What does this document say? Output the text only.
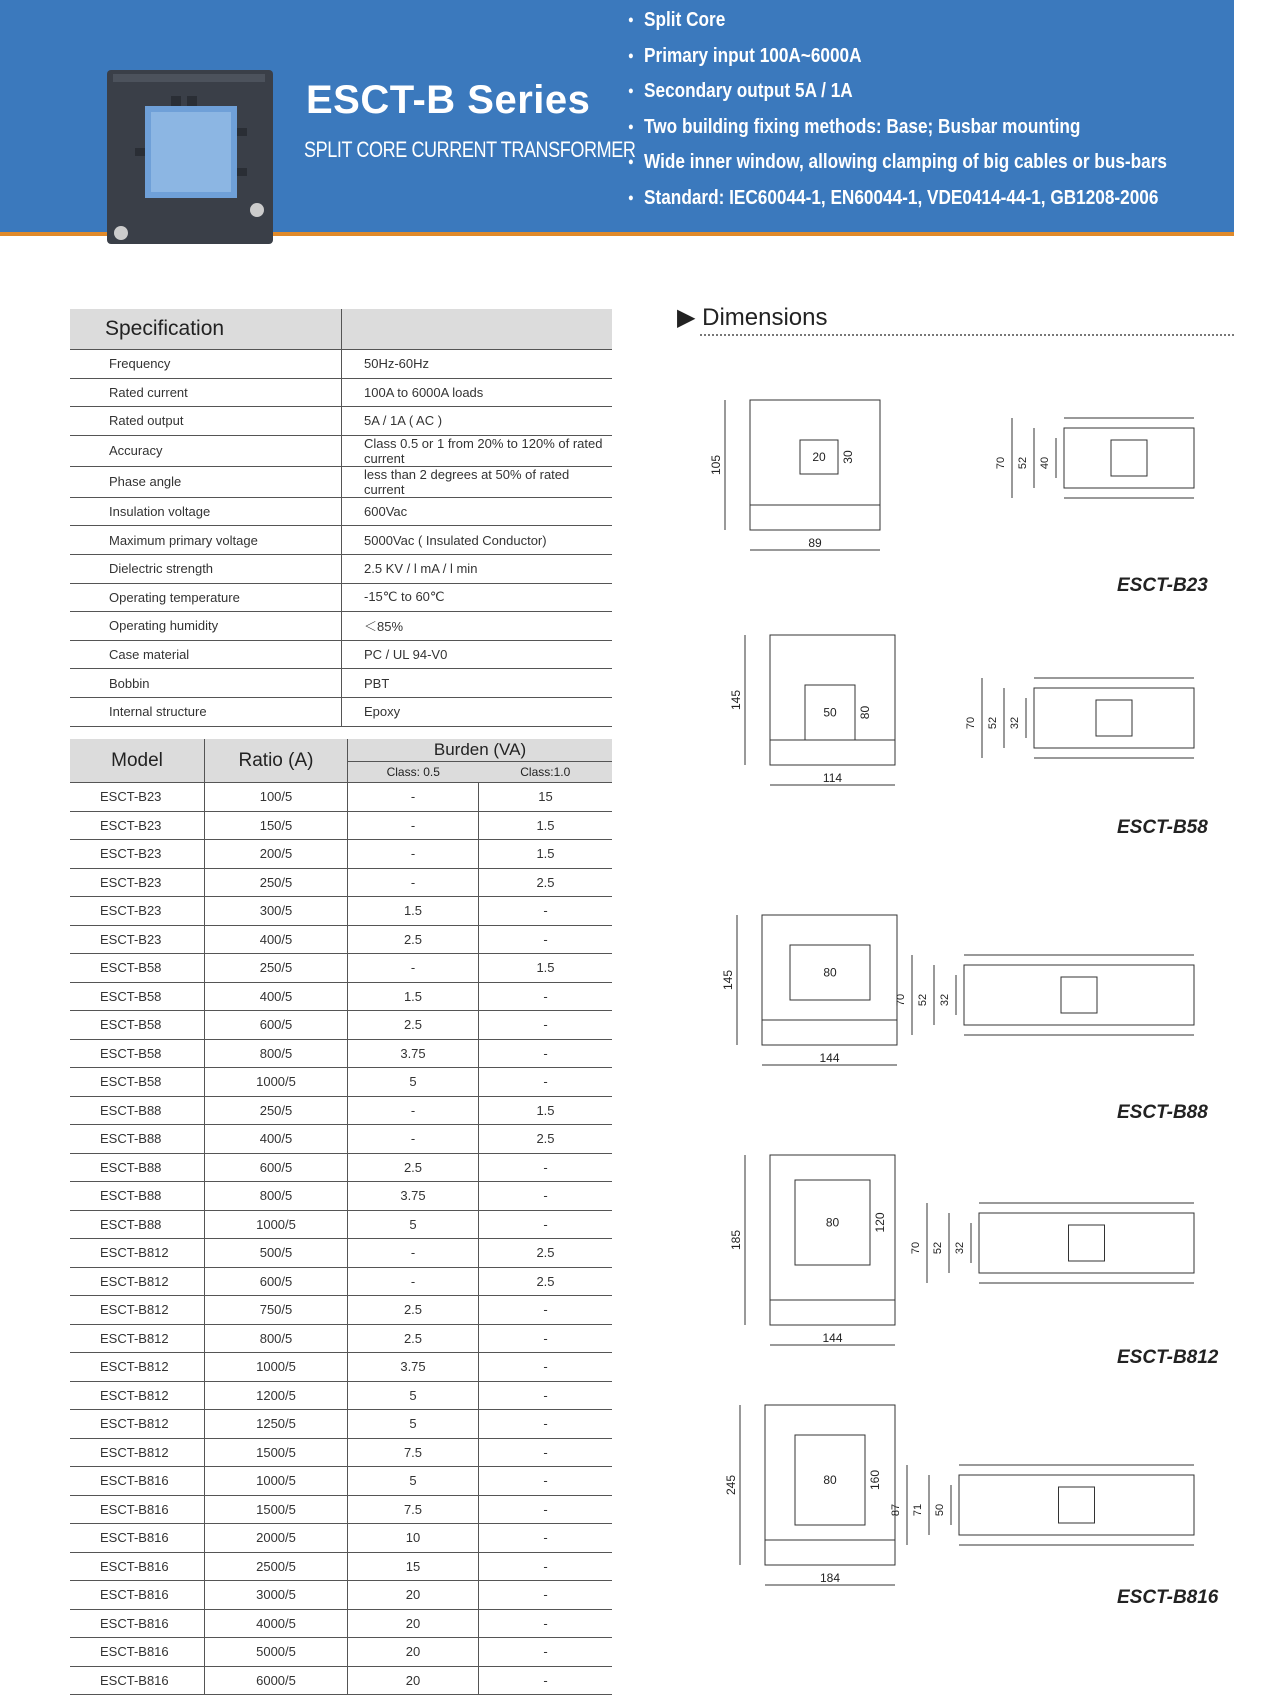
ESCT-B Series
SPLIT CORE CURRENT TRANSFORMER
● Split Core
● Primary input 100A~6000A
● Secondary output 5A / 1A
● Two building fixing methods: Base; Busbar mounting
● Wide inner window, allowing clamping of big cables or bus-bars
● Standard: IEC60044-1, EN60044-1, VDE0414-44-1, GB1208-2006
Specification	
Frequency	50Hz-60Hz
Rated current	100A to 6000A loads
Rated output	5A / 1A ( AC )
Accuracy	Class 0.5 or 1 from 20% to 120% of rated current
Phase angle	less than 2 degrees at 50% of rated current
Insulation voltage	600Vac
Maximum primary voltage	5000Vac ( Insulated Conductor)
Dielectric strength	2.5 KV / l mA / l min
Operating temperature	-15℃ to 60℃
Operating humidity	＜85%
Case material	PC / UL 94-V0
Bobbin	PBT
Internal structure	Epoxy
Model	Ratio (A)	Burden (VA)	
		Class: 0.5	Class:1.0
ESCT-B23	100/5	-	15
ESCT-B23	150/5	-	1.5
ESCT-B23	200/5	-	1.5
ESCT-B23	250/5	-	2.5
ESCT-B23	300/5	1.5	-
ESCT-B23	400/5	2.5	-
ESCT-B58	250/5	-	1.5
ESCT-B58	400/5	1.5	-
ESCT-B58	600/5	2.5	-
ESCT-B58	800/5	3.75	-
ESCT-B58	1000/5	5	-
ESCT-B88	250/5	-	1.5
ESCT-B88	400/5	-	2.5
ESCT-B88	600/5	2.5	-
ESCT-B88	800/5	3.75	-
ESCT-B88	1000/5	5	-
ESCT-B812	500/5	-	2.5
ESCT-B812	600/5	-	2.5
ESCT-B812	750/5	2.5	-
ESCT-B812	800/5	2.5	-
ESCT-B812	1000/5	3.75	-
ESCT-B812	1200/5	5	-
ESCT-B812	1250/5	5	-
ESCT-B812	1500/5	7.5	-
ESCT-B816	1000/5	5	-
ESCT-B816	1500/5	7.5	-
ESCT-B816	2000/5	10	-
ESCT-B816	2500/5	15	-
ESCT-B816	3000/5	20	-
ESCT-B816	4000/5	20	-
ESCT-B816	5000/5	20	-
ESCT-B816	6000/5	20	-
▶ Dimensions
105
89
20 30	70 52 40
145
114
50 80
70 52 32
145
144
80
70 52 32
185
144
80	120
70 52 32
245
184
80	160
87 71 50
ESCT-B23
ESCT-B58
ESCT-B88
ESCT-B812
ESCT-B816
